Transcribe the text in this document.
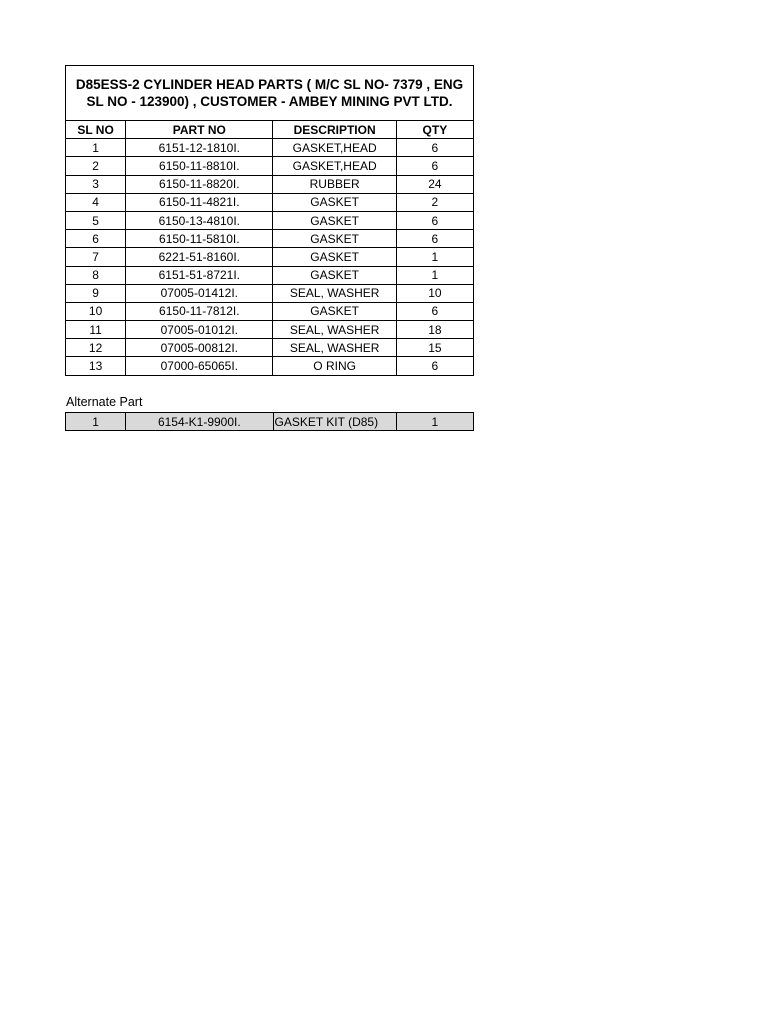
D85ESS-2 CYLINDER HEAD PARTS ( M/C SL NO- 7379 , ENG SL NO - 123900) , CUSTOMER - AMBEY MINING PVT LTD.			
SL NO	PART NO	DESCRIPTION	QTY
1	6151-12-1810I.	GASKET,HEAD	6
2	6150-11-8810I.	GASKET,HEAD	6
3	6150-11-8820I.	RUBBER	24
4	6150-11-4821I.	GASKET	2
5	6150-13-4810I.	GASKET	6
6	6150-11-5810I.	GASKET	6
7	6221-51-8160I.	GASKET	1
8	6151-51-8721I.	GASKET	1
9	07005-01412I.	SEAL, WASHER	10
10	6150-11-7812I.	GASKET	6
11	07005-01012I.	SEAL, WASHER	18
12	07005-00812I.	SEAL, WASHER	15
13	07000-65065I.	O RING	6
Alternate Part
1	6154-K1-9900I.	GASKET KIT (D85)	1
